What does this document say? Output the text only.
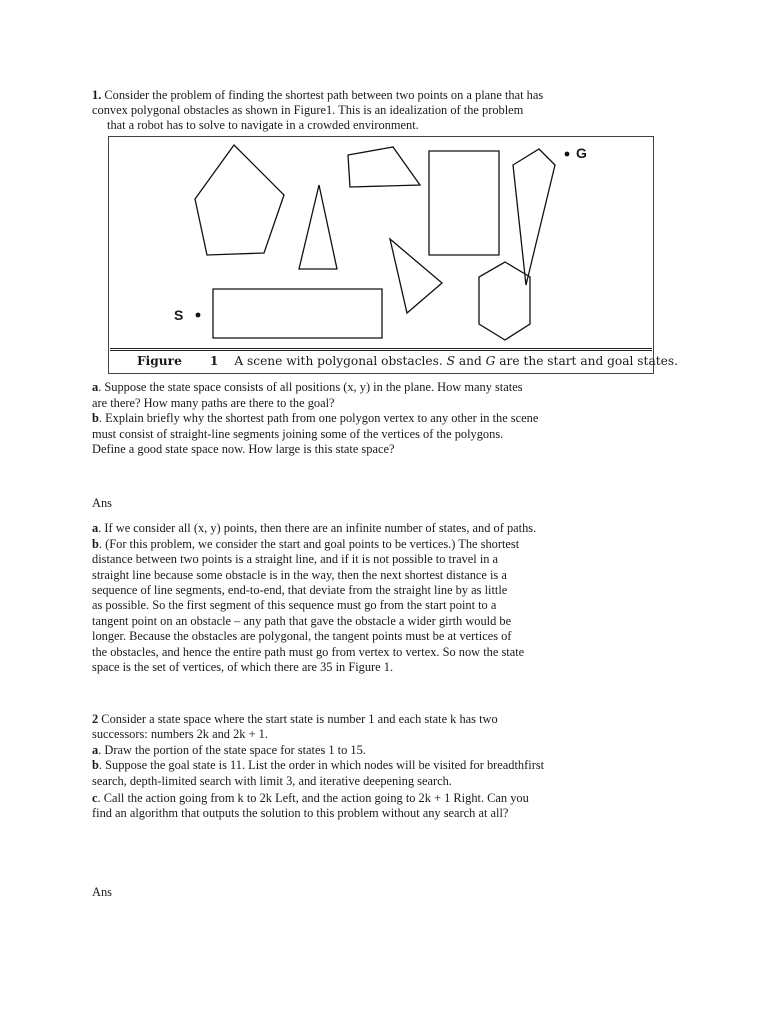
1. Consider the problem of finding the shortest path between two points on a plane that has
convex polygonal obstacles as shown in Figure1. This is an idealization of the problem
that a robot has to solve to navigate in a crowded environment.
S
G
Figure 1 A scene with polygonal obstacles. S and G are the start and goal states.
a. Suppose the state space consists of all positions (x, y) in the plane. How many states
are there? How many paths are there to the goal?
b. Explain briefly why the shortest path from one polygon vertex to any other in the scene
must consist of straight-line segments joining some of the vertices of the polygons.
Define a good state space now. How large is this state space?
Ans
a. If we consider all (x, y) points, then there are an infinite number of states, and of paths.
b. (For this problem, we consider the start and goal points to be vertices.) The shortest
distance between two points is a straight line, and if it is not possible to travel in a
straight line because some obstacle is in the way, then the next shortest distance is a
sequence of line segments, end-to-end, that deviate from the straight line by as little
as possible. So the first segment of this sequence must go from the start point to a
tangent point on an obstacle – any path that gave the obstacle a wider girth would be
longer. Because the obstacles are polygonal, the tangent points must be at vertices of
the obstacles, and hence the entire path must go from vertex to vertex. So now the state
space is the set of vertices, of which there are 35 in Figure 1.
2 Consider a state space where the start state is number 1 and each state k has two
successors: numbers 2k and 2k + 1.
a. Draw the portion of the state space for states 1 to 15.
b. Suppose the goal state is 11. List the order in which nodes will be visited for breadthfirst
search, depth-limited search with limit 3, and iterative deepening search.
c. Call the action going from k to 2k Left, and the action going to 2k + 1 Right. Can you
find an algorithm that outputs the solution to this problem without any search at all?
Ans
